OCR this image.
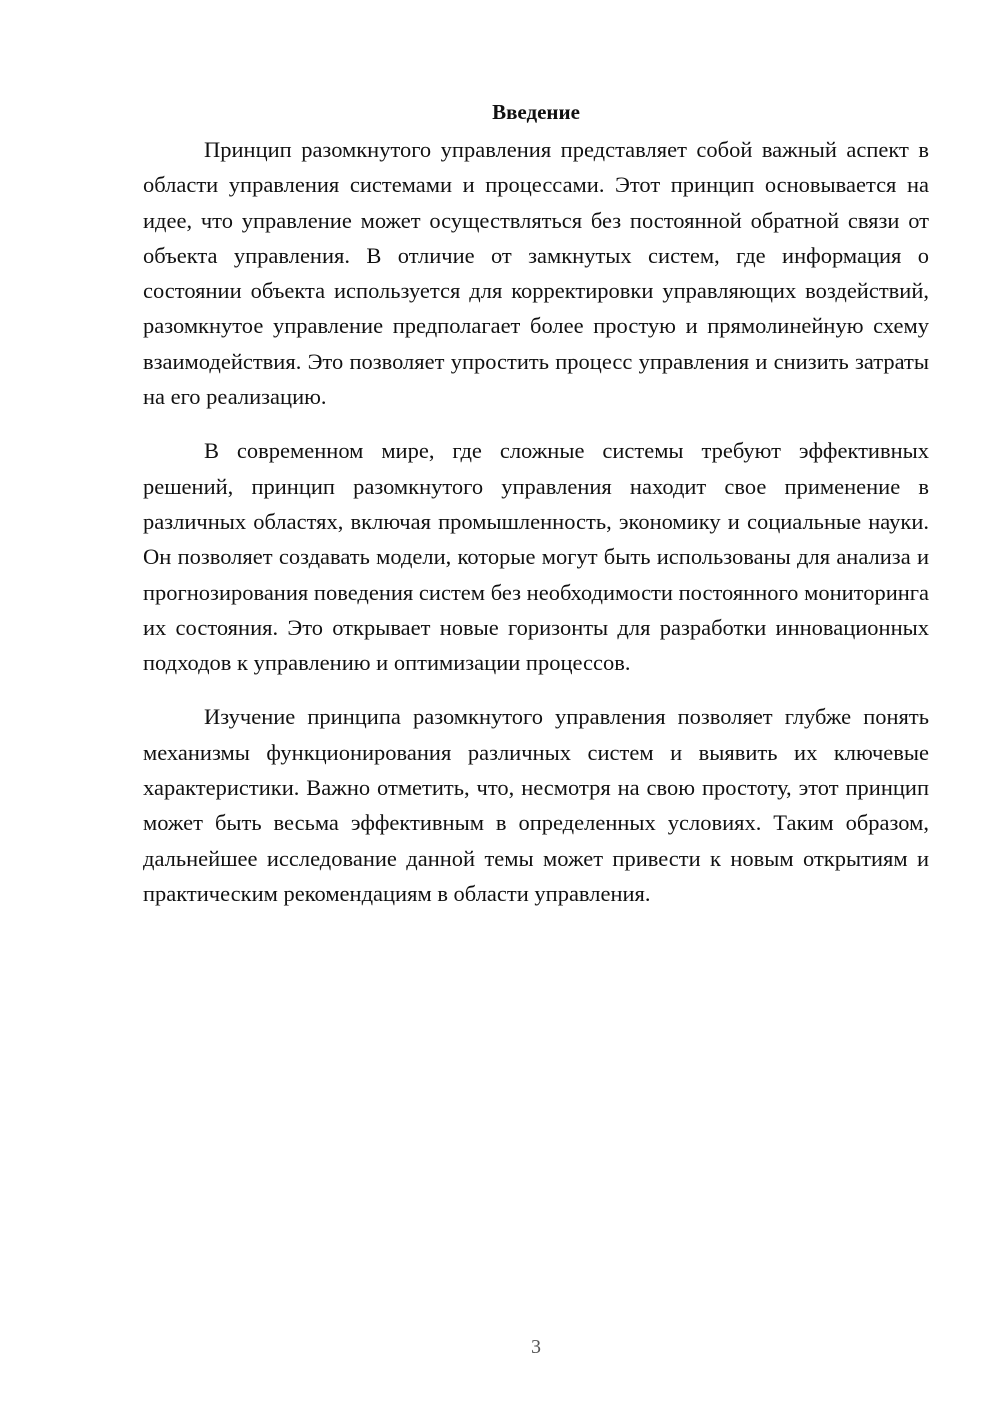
Введение

Принцип разомкнутого управления представляет собой важный аспект в области управления системами и процессами. Этот принцип основывается на идее, что управление может осуществляться без постоянной обратной связи от объекта управления. В отличие от замкнутых систем, где информация о состоянии объекта используется для корректировки управляющих воздействий, разомкнутое управление предполагает более простую и прямолинейную схему взаимодействия. Это позволяет упростить процесс управления и снизить затраты на его реализацию.

В современном мире, где сложные системы требуют эффективных решений, принцип разомкнутого управления находит свое применение в различных областях, включая промышленность, экономику и социальные науки. Он позволяет создавать модели, которые могут быть использованы для анализа и прогнозирования поведения систем без необходимости постоянного мониторинга их состояния. Это открывает новые горизонты для разработки инновационных подходов к управлению и оптимизации процессов.

Изучение принципа разомкнутого управления позволяет глубже понять механизмы функционирования различных систем и выявить их ключевые характеристики. Важно отметить, что, несмотря на свою простоту, этот принцип может быть весьма эффективным в определенных условиях. Таким образом, дальнейшее исследование данной темы может привести к новым открытиям и практическим рекомендациям в области управления.

3
